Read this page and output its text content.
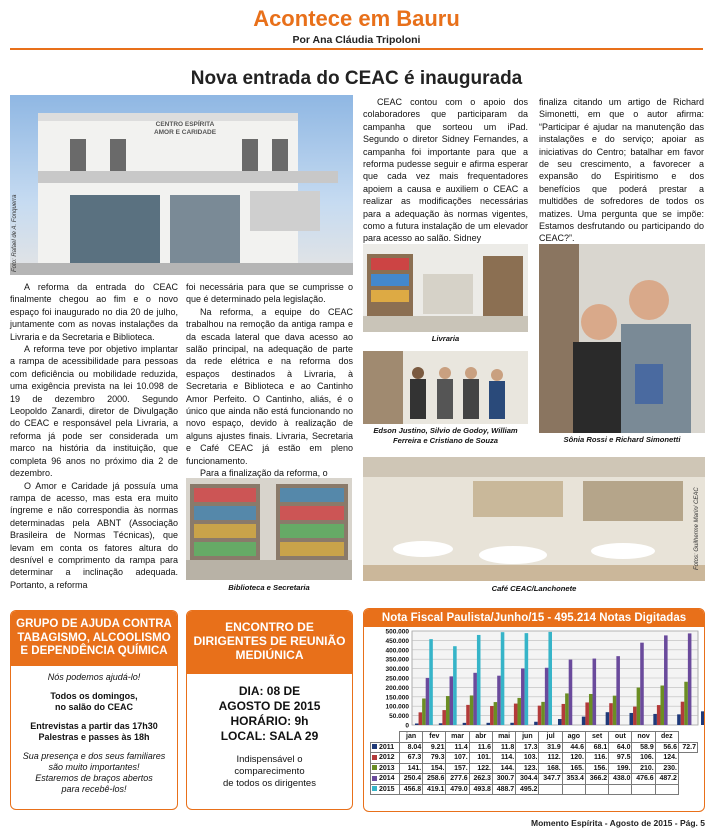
Acontece em Bauru
Por Ana Cláudia Tripoloni
Nova entrada do CEAC é inaugurada
CENTRO ESPÍRITA AMOR E CARIDADE
Foto: Rafael de A. Fonquerra

A reforma da entrada do CEAC finalmente chegou ao fim e o novo espaço foi inaugurado no dia 20 de julho, juntamente com as novas instalações da Livraria e da Secretaria e Biblioteca.

A reforma teve por objetivo implantar a rampa de acessibilidade para pessoas com deficiência ou mobilidade reduzida, uma exigência prevista na lei 10.098 de 19 de dezembro 2000. Segundo Leopoldo Zanardi, diretor de Divulgação do CEAC e responsável pela Livraria, a reforma já pode ser considerada um marco na história da instituição, que completa 96 anos no próximo dia 2 de dezembro.

O Amor e Caridade já possuía uma rampa de acesso, mas esta era muito íngreme e não correspondia às normas determinadas pela ABNT (Associação Brasileira de Normas Técnicas), que levam em conta os fatores altura do desnível e comprimento da rampa para determinar a inclinação adequada. Portanto, a reforma

foi necessária para que se cumprisse o que é determinado pela legislação.

Na reforma, a equipe do CEAC trabalhou na remoção da antiga rampa e da escada lateral que dava acesso ao salão principal, na adequação de parte da rede elétrica e na reforma dos espaços destinados à Livraria, à Secretaria e Biblioteca e ao Cantinho Amor Perfeito. O Cantinho, aliás, é o único que ainda não está funcionando no novo espaço, devido à realização de alguns ajustes finais. Livraria, Secretaria e Café CEAC já estão em pleno funcionamento.

Para a finalização da reforma, o

Biblioteca e Secretaria

CEAC contou com o apoio dos colaboradores que participaram da campanha que sorteou um iPad. Segundo o diretor Sidney Fernandes, a campanha foi importante para que a reforma pudesse seguir e afirma esperar que cada vez mais frequentadores apoiem a causa e auxiliem o CEAC a realizar as modificações necessárias para a adequação às normas vigentes, como a futura instalação de um elevador para acesso ao salão. Sidney

finaliza citando um artigo de Richard Simonetti, em que o autor afirma: “Participar é ajudar na manutenção das instalações e do serviço; apoiar as iniciativas do Centro; batalhar em favor de seu crescimento, a favorecer a expansão do Espiritismo e dos benefícios que poderá prestar a multidões de sofredores de todos os matizes. Uma pergunta que se impõe: Estamos desfrutando ou participando do CEAC?”.

Livraria
Edson Justino, Silvio de Godoy, William Ferreira e Cristiano de Souza	Sônia Rossi e Richard Simonetti
Fotos: Guilherme Marin/ CEAC
Café CEAC/Lanchonete
GRUPO DE AJUDA CONTRA TABAGISMO, ALCOOLISMO E DEPENDÊNCIA QUÍMICA
Nós podemos ajudá-lo!
Todos os domingos,
no salão do CEAC
Entrevistas a partir das 17h30
Palestras e passes às 18h
Sua presença e dos seus familiares
são muito importantes!
Estaremos de braços abertos
para recebê-los!
ENCONTRO DE DIRIGENTES DE REUNIÃO MEDIÚNICA
DIA: 08 DE
AGOSTO DE 2015
HORÁRIO: 9h
LOCAL: SALA 29
Indispensável o
comparecimento
de todos os dirigentes
Nota Fiscal Paulista/Junho/15 - 495.214 Notas Digitadas
500.000
450.000
400.000
350.000
300.000
250.000
200.000
150.000
100.000
50.000
0
	jan	fev	mar	abr	mai	jun	jul	ago	set	out	nov	dez	
2011	8.04	9.21	11.4	11.6	11.8	17.3	31.9	44.6	68.1	64.0	58.9	56.6	72.7
2012	67.3	79.3	107.	101.	114.	103.	112.	120.	116.	97.5	106.	124.	
2013	141.	154.	157.	122.	144.	123.	168.	165.	156.	199.	210.	230.	
2014	250.4	258.6	277.6	262.3	300.7	304.4	347.7	353.4	366.2	438.0	476.6	487.2	
2015	456.8	419.1	479.0	493.8	488.7	495.2							
Momento Espírita - Agosto de 2015 - Pág. 5
